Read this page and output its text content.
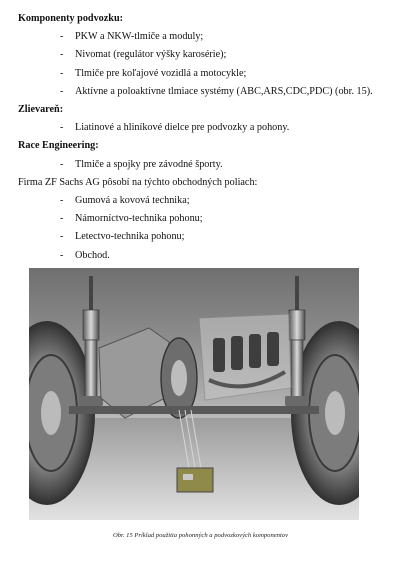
Komponenty podvozku:
- PKW a NKW-tlmiče a moduly;
- Nivomat (regulátor výšky karosérie);
- Tlmiče pre koľajové vozidlá a motocykle;
- Aktívne a poloaktívne tlmiace systémy (ABC,ARS,CDC,PDC) (obr. 15).
Zlievareň:
- Liatinové a hliníkové dielce pre podvozky a pohony.
Race Engineering:
- Tlmiče a spojky pre závodné športy.
Firma ZF Sachs AG pôsobí na týchto obchodných poliach:
- Gumová a kovová technika;
- Námorníctvo-technika pohonu;
- Letectvo-technika pohonu;
- Obchod.
Obr. 15 Príklad použitia pohonných a podvozkových komponentov
